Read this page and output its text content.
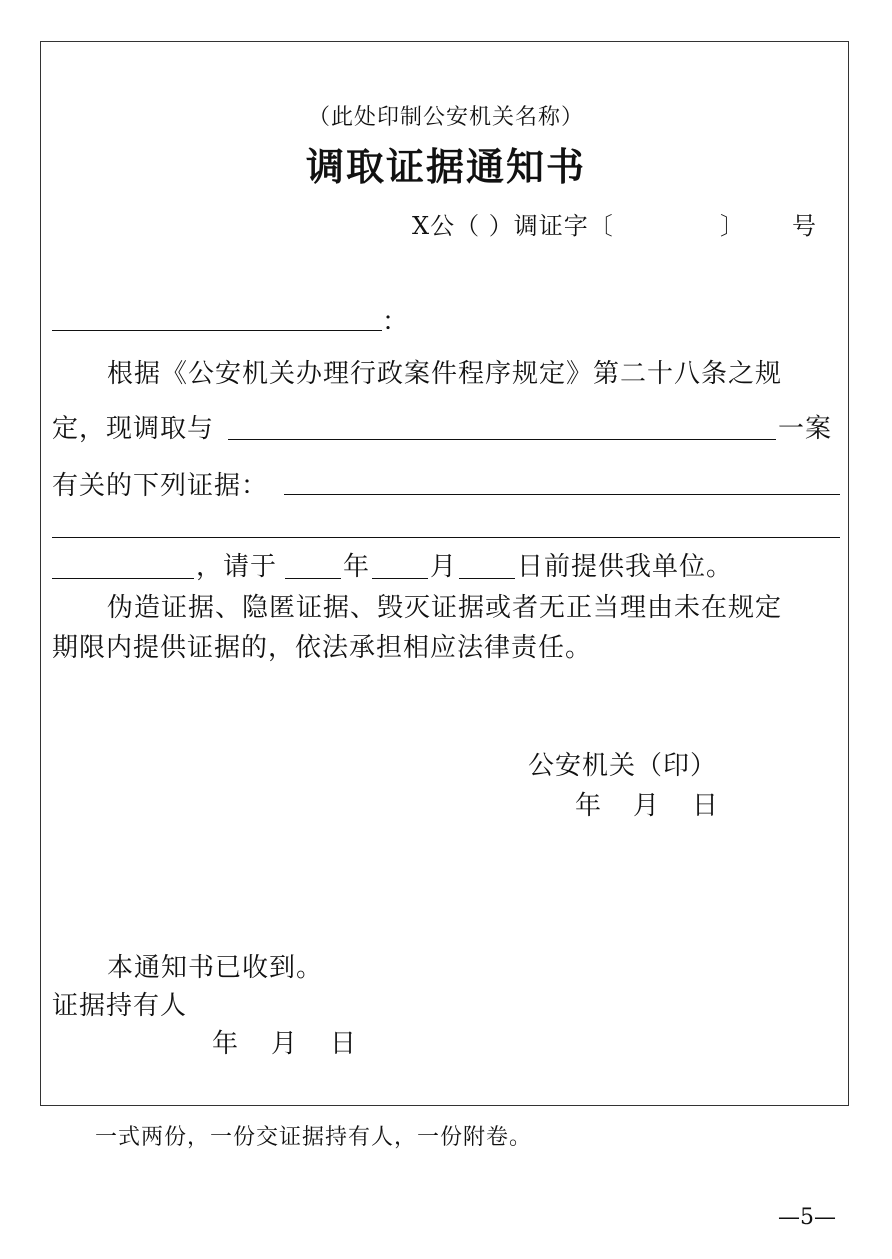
（此处印制公安机关名称）
调取证据通知书
X公（ ）调证字〔	〕 号
：
根据《公安机关办理行政案件程序规定》第二十八条之规
定，现调取与	一案
有关的下列证据：
，请于	年 月 日前提供我单位。
伪造证据、隐匿证据、毁灭证据或者无正当理由未在规定
期限内提供证据的，依法承担相应法律责任。
公安机关（印）
年 月 日
本通知书已收到。
证据持有人
年 月 日
一式两份，一份交证据持有人，一份附卷。
—5—
